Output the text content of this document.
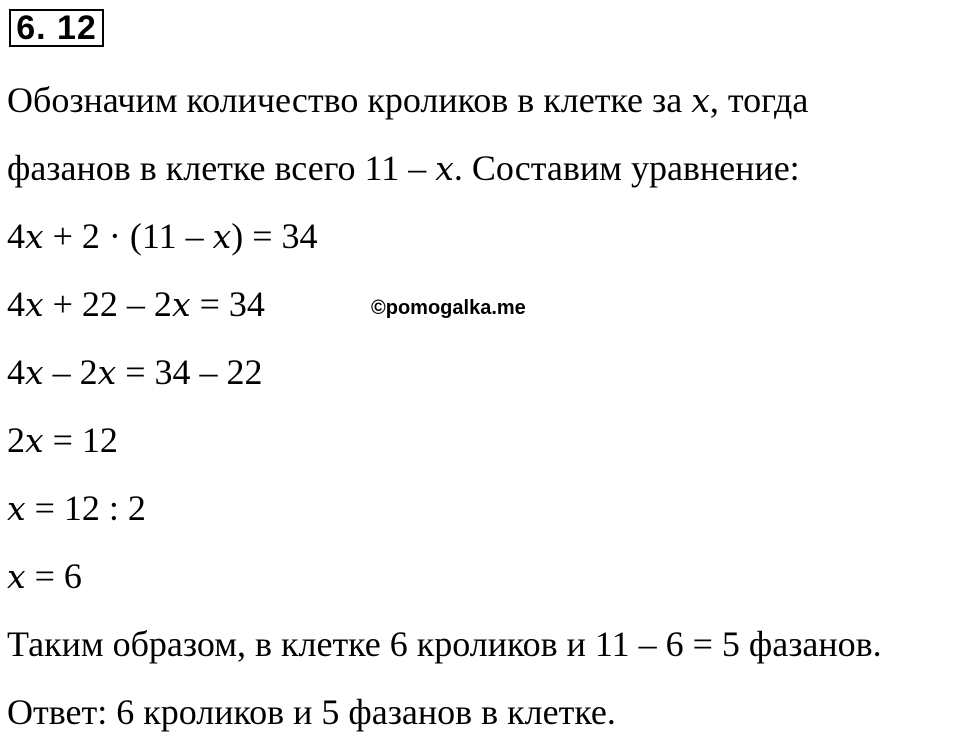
6. 12
Обозначим количество кроликов в клетке за x, тогда
фазанов в клетке всего 11 – x. Составим уравнение:
4x + 2 · (11 – x) = 34
4x + 22 – 2x = 34	©pomogalka.me
4x – 2x = 34 – 22
2x = 12
x = 12 : 2
x = 6
Таким образом, в клетке 6 кроликов и 11 – 6 = 5 фазанов.
Ответ: 6 кроликов и 5 фазанов в клетке.
